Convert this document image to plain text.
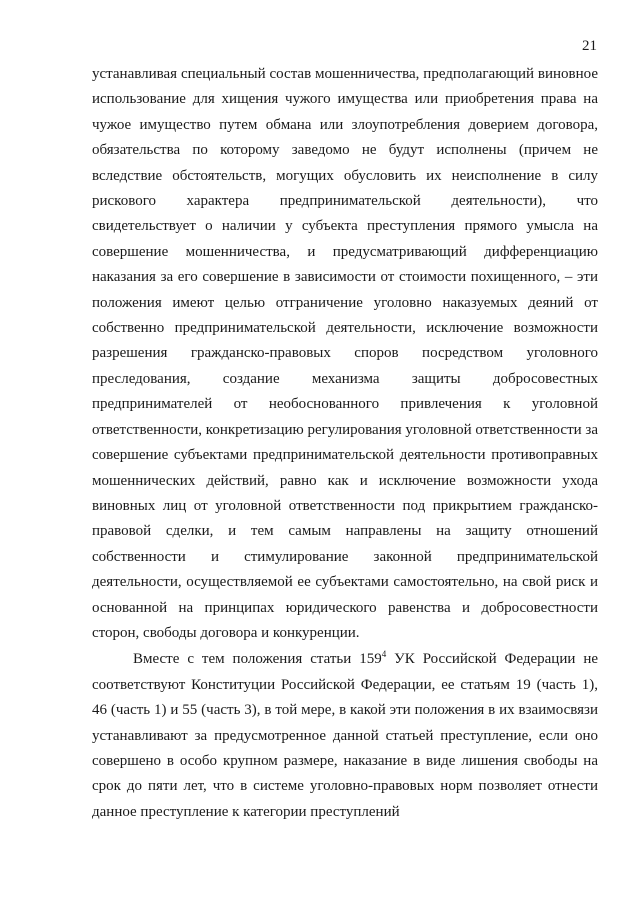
21

устанавливая специальный состав мошенничества, предполагающий виновное использование для хищения чужого имущества или приобретения права на чужое имущество путем обмана или злоупотребления доверием договора, обязательства по которому заведомо не будут исполнены (причем не вследствие обстоятельств, могущих обусловить их неисполнение в силу рискового характера предпринимательской деятельности), что свидетельствует о наличии у субъекта преступления прямого умысла на совершение мошенничества, и предусматривающий дифференциацию наказания за его совершение в зависимости от стоимости похищенного, – эти положения имеют целью отграничение уголовно наказуемых деяний от собственно предпринимательской деятельности, исключение возможности разрешения гражданско-правовых споров посредством уголовного преследования, создание механизма защиты добросовестных предпринимателей от необоснованного привлечения к уголовной ответственности, конкретизацию регулирования уголовной ответственности за совершение субъектами предпринимательской деятельности противоправных мошеннических действий, равно как и исключение возможности ухода виновных лиц от уголовной ответственности под прикрытием гражданско-правовой сделки, и тем самым направлены на защиту отношений собственности и стимулирование законной предпринимательской деятельности, осуществляемой ее субъектами самостоятельно, на свой риск и основанной на принципах юридического равенства и добросовестности сторон, свободы договора и конкуренции.

Вместе с тем положения статьи $159^4$ УК Российской Федерации не соответствуют Конституции Российской Федерации, ее статьям 19 (часть 1), 46 (часть 1) и 55 (часть 3), в той мере, в какой эти положения в их взаимосвязи устанавливают за предусмотренное данной статьей преступление, если оно совершено в особо крупном размере, наказание в виде лишения свободы на срок до пяти лет, что в системе уголовно-правовых норм позволяет отнести данное преступление к категории преступлений
